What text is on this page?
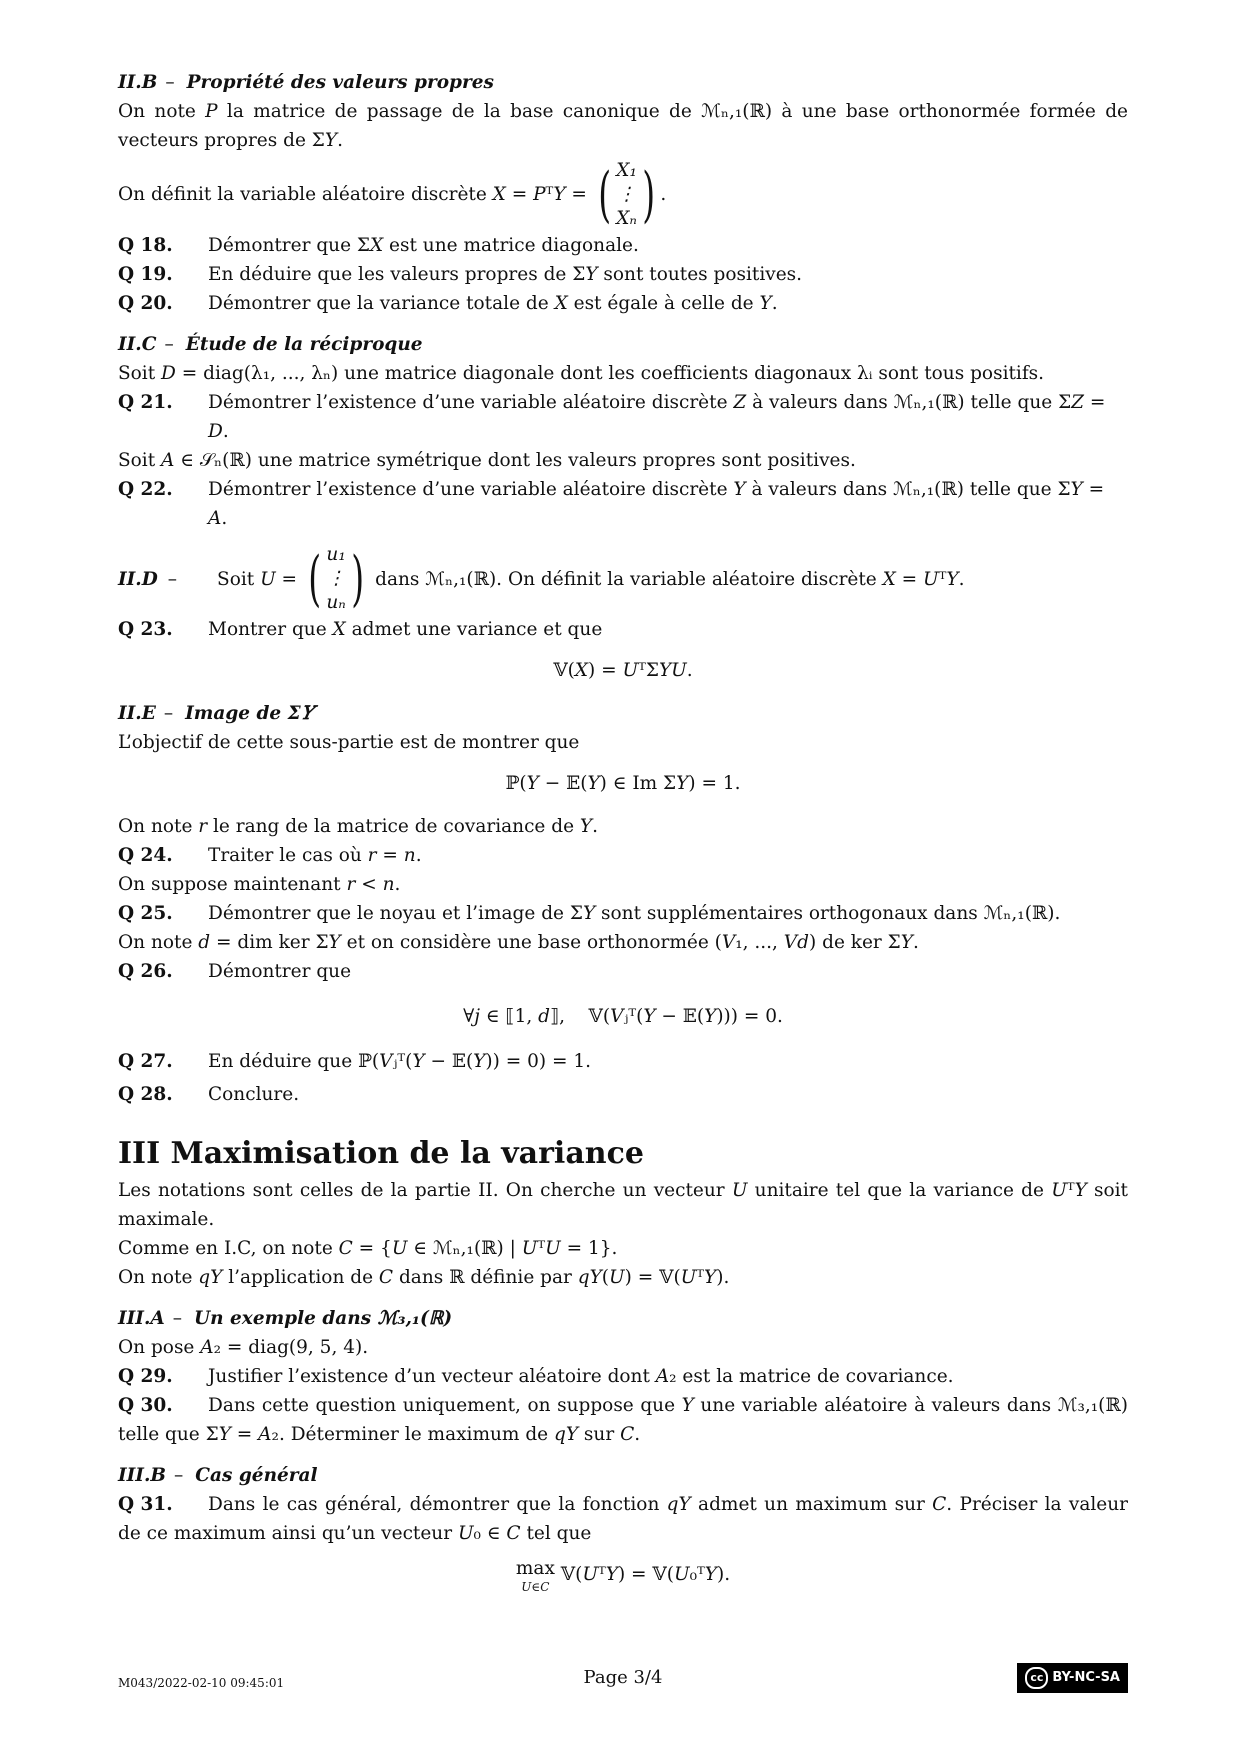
II.B – Propriété des valeurs propres
On note 𝑃 la matrice de passage de la base canonique de ℳₙ,₁(ℝ) à une base orthonormée formée de vecteurs propres de Σ𝑌.
On définit la variable aléatoire discrète 𝑋 = 𝑃ᵀ𝑌 = ( X₁
⋮
Xₙ ) .
Q 18.	Démontrer que Σ𝑋 est une matrice diagonale.
Q 19.	En déduire que les valeurs propres de Σ𝑌 sont toutes positives.
Q 20.	Démontrer que la variance totale de 𝑋 est égale à celle de 𝑌.
II.C – Étude de la réciproque
Soit 𝐷 = diag(λ₁, ..., λₙ) une matrice diagonale dont les coefficients diagonaux λᵢ sont tous positifs.
Q 21.	Démontrer l’existence d’une variable aléatoire discrète 𝑍 à valeurs dans ℳₙ,₁(ℝ) telle que Σ𝑍 = 𝐷.
Soit 𝐴 ∈ 𝒮ₙ(ℝ) une matrice symétrique dont les valeurs propres sont positives.
Q 22.	Démontrer l’existence d’une variable aléatoire discrète 𝑌 à valeurs dans ℳₙ,₁(ℝ) telle que Σ𝑌 = 𝐴.
II.D – Soit 𝑈 =
( u₁
⋮
uₙ )
dans ℳₙ,₁(ℝ). On définit la variable aléatoire discrète 𝑋 = 𝑈ᵀ𝑌.
Q 23.	Montrer que 𝑋 admet une variance et que
𝕍(𝑋) = 𝑈ᵀΣ𝑌𝑈.
II.E – Image de Σ𝑌
L’objectif de cette sous-partie est de montrer que
ℙ(𝑌 − 𝔼(𝑌) ∈ Im Σ𝑌) = 1.
On note 𝑟 le rang de la matrice de covariance de 𝑌.
Q 24.	Traiter le cas où 𝑟 = 𝑛.
On suppose maintenant 𝑟 < 𝑛.
Q 25.	Démontrer que le noyau et l’image de Σ𝑌 sont supplémentaires orthogonaux dans ℳₙ,₁(ℝ).
On note 𝑑 = dim ker Σ𝑌 et on considère une base orthonormée (𝑉₁, ..., 𝑉𝑑) de ker Σ𝑌.
Q 26.	Démontrer que
∀𝑗 ∈ ⟦1, 𝑑⟧,    𝕍(𝑉ⱼᵀ(𝑌 − 𝔼(𝑌))) = 0.
Q 27.	En déduire que ℙ(𝑉ⱼᵀ(𝑌 − 𝔼(𝑌)) = 0) = 1.
Q 28.	Conclure.
III Maximisation de la variance
Les notations sont celles de la partie II. On cherche un vecteur 𝑈 unitaire tel que la variance de 𝑈ᵀ𝑌 soit maximale.
Comme en I.C, on note 𝐶 = {𝑈 ∈ ℳₙ,₁(ℝ) | 𝑈ᵀ𝑈 = 1}.
On note 𝑞𝑌 l’application de 𝐶 dans ℝ définie par 𝑞𝑌(𝑈) = 𝕍(𝑈ᵀ𝑌).
III.A – Un exemple dans ℳ₃,₁(ℝ)
On pose 𝐴₂ = diag(9, 5, 4).
Q 29.	Justifier l’existence d’un vecteur aléatoire dont 𝐴₂ est la matrice de covariance.
Q 30. Dans cette question uniquement, on suppose que 𝑌 une variable aléatoire à valeurs dans ℳ₃,₁(ℝ) telle que Σ𝑌 = 𝐴₂. Déterminer le maximum de 𝑞𝑌 sur 𝐶.
III.B – Cas général
Q 31. Dans le cas général, démontrer que la fonction 𝑞𝑌 admet un maximum sur 𝐶. Préciser la valeur de ce maximum ainsi qu’un vecteur 𝑈₀ ∈ 𝐶 tel que
max
U∈C
𝕍(𝑈ᵀ𝑌) = 𝕍(𝑈₀ᵀ𝑌).
M043/2022-02-10 09:45:01	Page 3/4	cc BY-NC-SA
